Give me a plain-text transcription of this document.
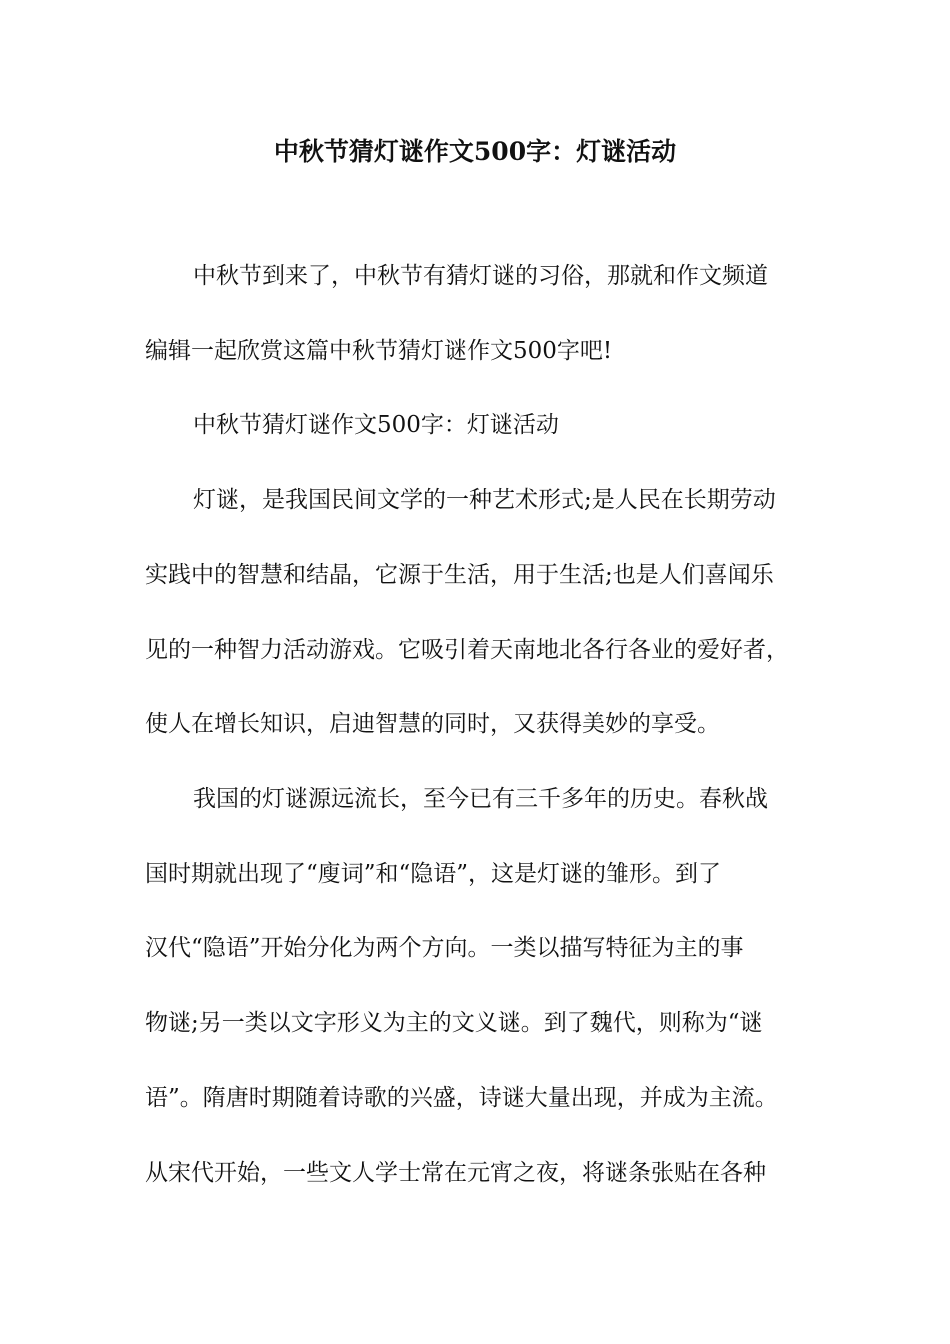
中秋节猜灯谜作文500字：灯谜活动

中秋节到来了，中秋节有猜灯谜的习俗，那就和作文频道

编辑一起欣赏这篇中秋节猜灯谜作文500字吧!

中秋节猜灯谜作文500字：灯谜活动

灯谜，是我国民间文学的一种艺术形式;是人民在长期劳动

实践中的智慧和结晶，它源于生活，用于生活;也是人们喜闻乐

见的一种智力活动游戏。它吸引着天南地北各行各业的爱好者，

使人在增长知识，启迪智慧的同时，又获得美妙的享受。

我国的灯谜源远流长，至今已有三千多年的历史。春秋战

国时期就出现了“廋词”和“隐语”，这是灯谜的雏形。到了

汉代“隐语”开始分化为两个方向。一类以描写特征为主的事

物谜;另一类以文字形义为主的文义谜。到了魏代，则称为“谜

语”。隋唐时期随着诗歌的兴盛，诗谜大量出现，并成为主流。

从宋代开始，一些文人学士常在元宵之夜，将谜条张贴在各种
